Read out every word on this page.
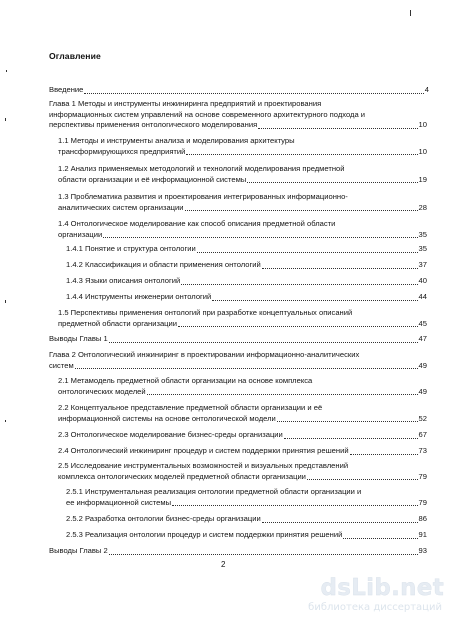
Оглавление
Введение	4
Глава 1 Методы и инструменты инжиниринга предприятий и проектирования
информационных систем управлений на основе современного архитектурного подхода и
перспективы применения онтологического моделирования	10
1.1 Методы и инструменты анализа и моделирования архитектуры
трансформирующихся предприятий	10
1.2 Анализ применяемых методологий и технологий моделирования предметной
области организации и её информационной системы	19
1.3 Проблематика развития и проектирования интегрированных информационно-
аналитических систем организации	28
1.4 Онтологическое моделирование как способ описания предметной области
организации	35
1.4.1 Понятие и структура онтологии	35
1.4.2 Классификация и области применения онтологий	37
1.4.3 Языки описания онтологий	40
1.4.4 Инструменты инженерии онтологий	44
1.5 Перспективы применения онтологий при разработке концептуальных описаний
предметной области организации	45
Выводы Главы 1	47
Глава 2 Онтологический инжиниринг в проектировании информационно-аналитических
систем	49
2.1 Метамодель предметной области организации на основе комплекса
онтологических моделей	49
2.2 Концептуальное представление предметной области организации и её
информационной системы на основе онтологической модели	52
2.3 Онтологическое моделирование бизнес-среды организации	67
2.4 Онтологический инжиниринг процедур и систем поддержки принятия решений	73
2.5 Исследование инструментальных возможностей и визуальных представлений
комплекса онтологических моделей предметной области организации	79
2.5.1 Инструментальная реализация онтологии предметной области организации и
ее информационной системы	79
2.5.2 Разработка онтологии бизнес-среды организации	86
2.5.3 Реализация онтологии процедур и систем поддержки принятия решений	91
Выводы Главы 2	93
2
dsLib.net
библиотека диссертаций
